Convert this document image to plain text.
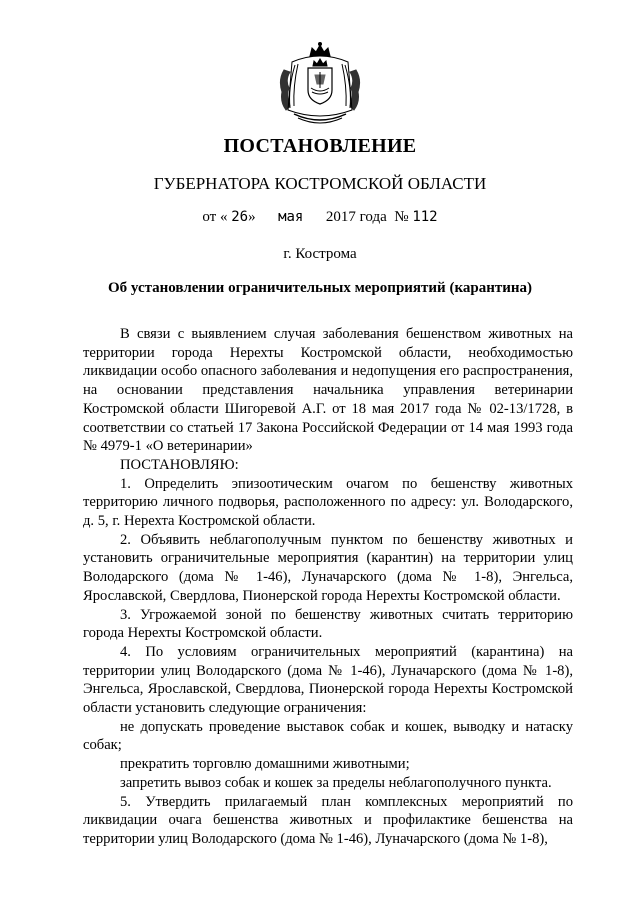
ПОСТАНОВЛЕНИЕ
ГУБЕРНАТОРА КОСТРОМСКОЙ ОБЛАСТИ
от « 26» мая 2017 года № 112
г. Кострома
Об установлении ограничительных мероприятий (карантина)

В связи с выявлением случая заболевания бешенством животных на территории города Нерехты Костромской области, необходимостью ликвидации особо опасного заболевания и недопущения его распространения, на основании представления начальника управления ветеринарии Костромской области Шигоревой А.Г. от 18 мая 2017 года № 02-13/1728, в соответствии со статьей 17 Закона Российской Федерации от 14 мая 1993 года № 4979-1 «О ветеринарии»

ПОСТАНОВЛЯЮ:

1. Определить эпизоотическим очагом по бешенству животных территорию личного подворья, расположенного по адресу: ул. Володарского, д. 5, г. Нерехта Костромской области.

2. Объявить неблагополучным пунктом по бешенству животных и установить ограничительные мероприятия (карантин) на территории улиц Володарского (дома № 1-46), Луначарского (дома № 1-8), Энгельса, Ярославской, Свердлова, Пионерской города Нерехты Костромской области.

3. Угрожаемой зоной по бешенству животных считать территорию города Нерехты Костромской области.

4. По условиям ограничительных мероприятий (карантина) на территории улиц Володарского (дома № 1-46), Луначарского (дома № 1-8), Энгельса, Ярославской, Свердлова, Пионерской города Нерехты Костромской области установить следующие ограничения:

не допускать проведение выставок собак и кошек, выводку и натаску собак;

прекратить торговлю домашними животными;

запретить вывоз собак и кошек за пределы неблагополучного пункта.

5. Утвердить прилагаемый план комплексных мероприятий по ликвидации очага бешенства животных и профилактике бешенства на территории улиц Володарского (дома № 1-46), Луначарского (дома № 1-8),
